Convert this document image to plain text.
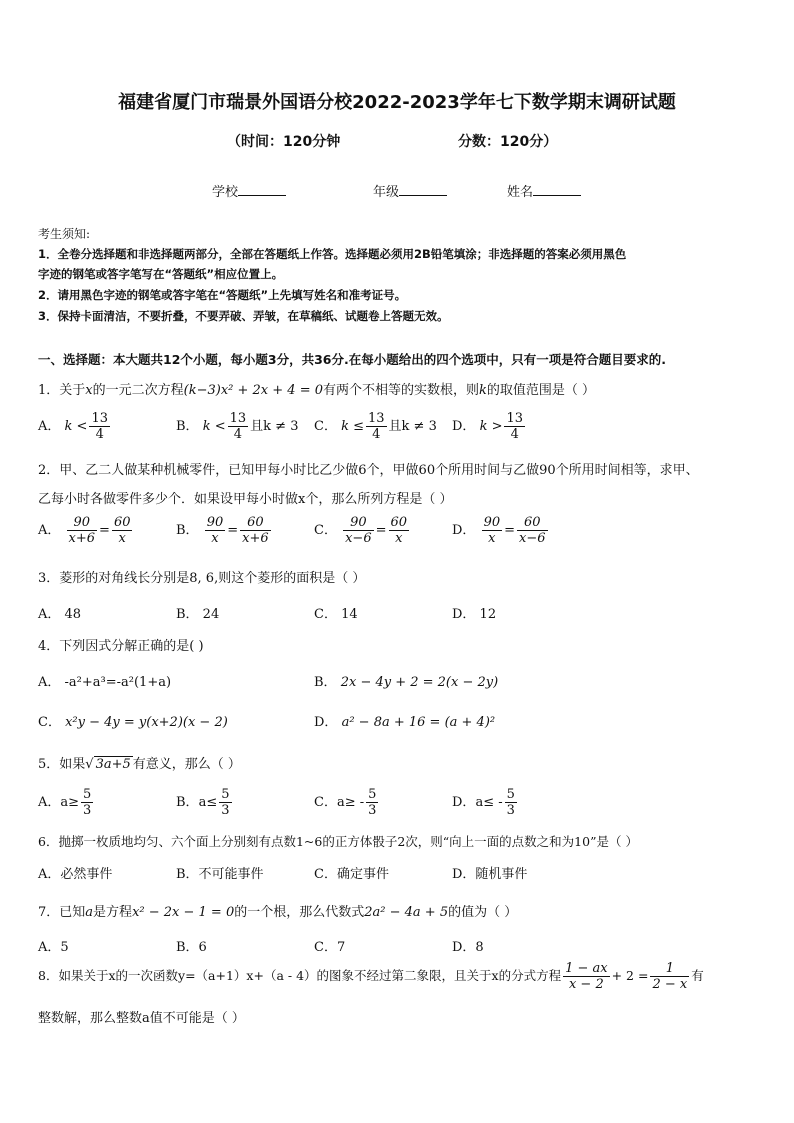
福建省厦门市瑞景外国语分校2022-2023学年七下数学期末调研试题
（时间：120分钟	分数：120分）
学校	年级	姓名
考生须知:
1．全卷分选择题和非选择题两部分，全部在答题纸上作答。选择题必须用2B铅笔填涂；非选择题的答案必须用黑色
字迹的钢笔或答字笔写在“答题纸”相应位置上。
2．请用黑色字迹的钢笔或答字笔在“答题纸”上先填写姓名和准考证号。
3．保持卡面清洁，不要折叠，不要弄破、弄皱，在草稿纸、试题卷上答题无效。
一、选择题：本大题共12个小题，每小题3分，共36分.在每小题给出的四个选项中，只有一项是符合题目要求的.
1．关于x的一元二次方程(k−3)x² + 2x + 4 = 0有两个不相等的实数根，则k的取值范围是（ ）
A． $k < \frac{13}{4}$	B． $k < \frac{13}{4}$ 且k ≠ 3 C． $k \le \frac{13}{4}$ 且k ≠ 3 D． $k > \frac{13}{4}$
2．甲、乙二人做某种机械零件，已知甲每小时比乙少做6个，甲做60个所用时间与乙做90个所用时间相等，求甲、
乙每小时各做零件多少个．如果设甲每小时做x个，那么所列方程是（ ）
A． $\frac{90}{x+6} = \frac{60}{x}$	B． $\frac{90}{x} = \frac{60}{x+6}$	C． $\frac{90}{x-6} = \frac{60}{x}$	D． $\frac{90}{x} = \frac{60}{x-6}$
3．菱形的对角线长分别是8, 6,则这个菱形的面积是（ ）
A． 48	B． 24	C． 14	D． 12
4．下列因式分解正确的是( )
A． -a²+a³=-a²(1+a)	B． 2x − 4y + 2 = 2(x − 2y)
C． x²y − 4y = y(x+2)(x − 2)	D． a² − 8a + 16 = (a + 4)²
5．如果√ 3a+5 有意义，那么（ ）
A．$a\ge \frac{5}{3}$	B．$a\le \frac{5}{3}$	C．$a\ge - \frac{5}{3}$	D．$a\le - \frac{5}{3}$
6．抛掷一枚质地均匀、六个面上分别刻有点数1~6的正方体骰子2次，则“向上一面的点数之和为10”是（ ）
A．必然事件	B．不可能事件	C．确定事件	D．随机事件
7．已知a是方程x² − 2x − 1 = 0的一个根，那么代数式2a² − 4a + 5的值为（ ）
A．5	B．6	C．7	D．8
8．如果关于x的一次函数y=（a+1）x+（a - 4）的图象不经过第二象限，且关于x的分式方程 $\frac{1 - ax}{x - 2} + 2 = \frac{1}{2 - x}$ 有
整数解，那么整数a值不可能是（ ）
